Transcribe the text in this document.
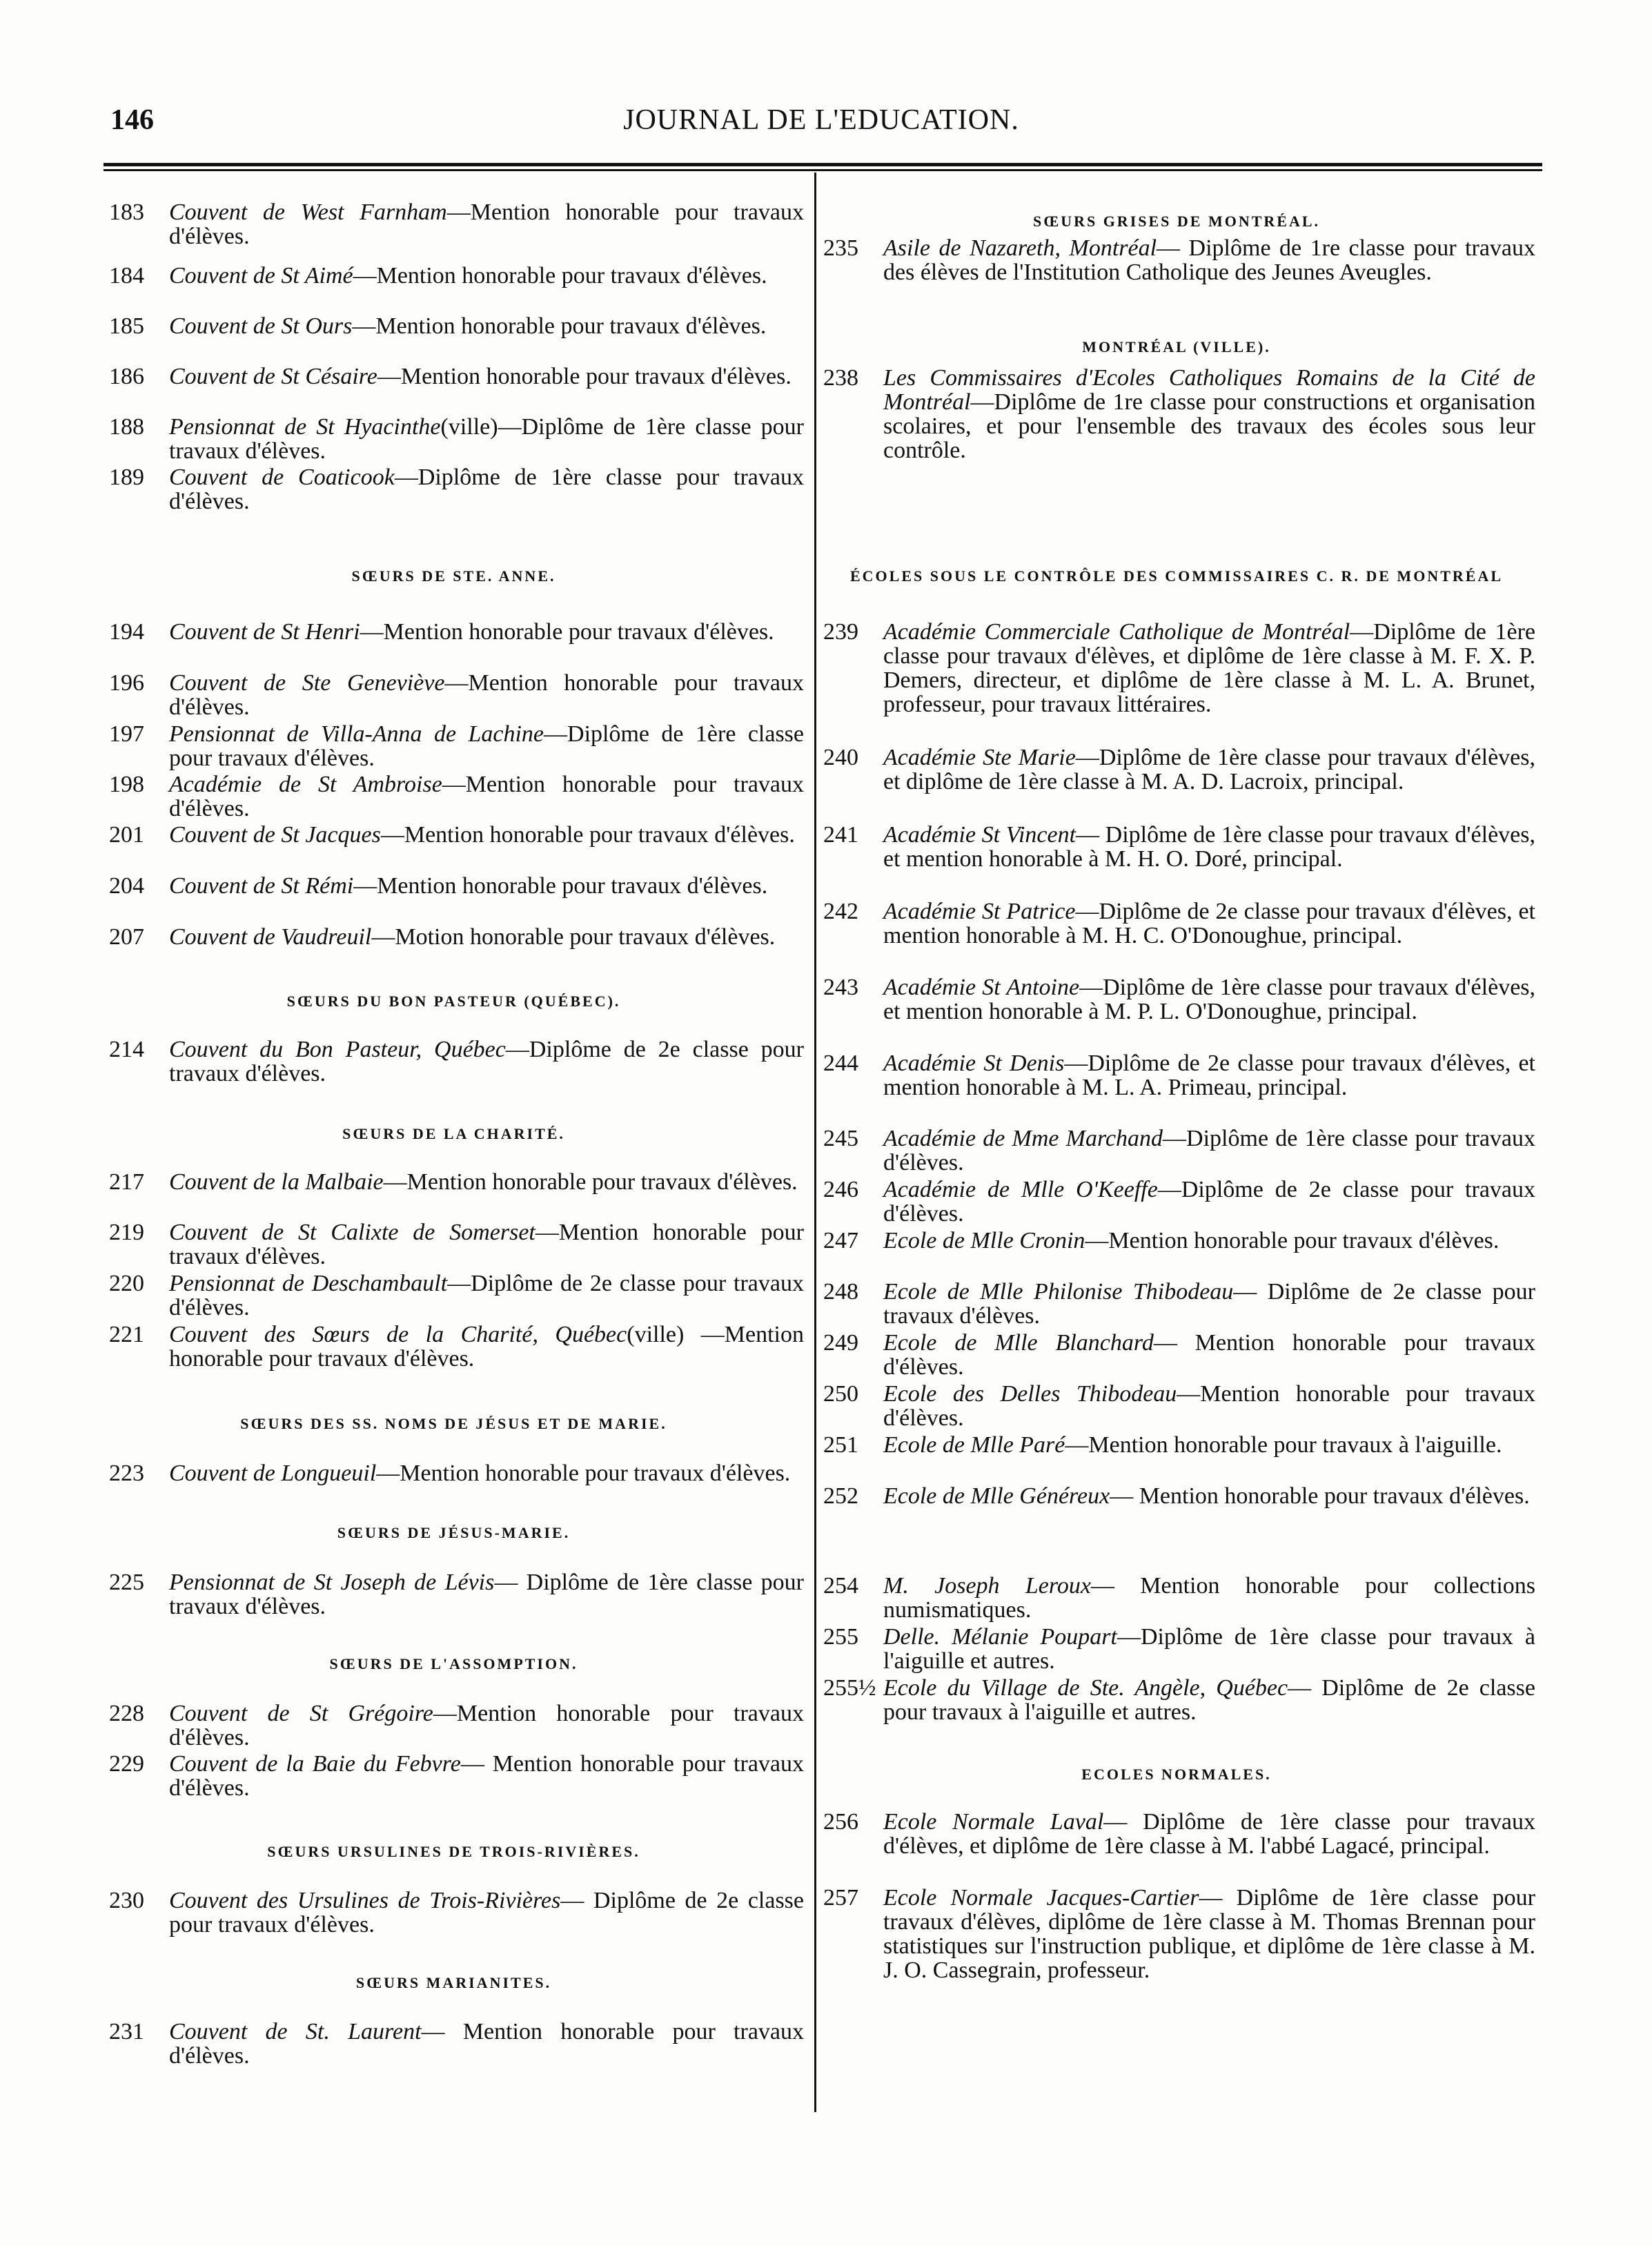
146	JOURNAL DE L'EDUCATION.
183	Couvent de West Farnham—Mention honorable pour travaux d'élèves.
184	Couvent de St Aimé—Mention honorable pour travaux d'élèves.
185	Couvent de St Ours—Mention honorable pour travaux d'élèves.
186	Couvent de St Césaire—Mention honorable pour travaux d'élèves.
188	Pensionnat de St Hyacinthe(ville)—Diplôme de 1ère classe pour travaux d'élèves.
189	Couvent de Coaticook—Diplôme de 1ère classe pour travaux d'élèves.
SŒURS DE STE. ANNE.
194	Couvent de St Henri—Mention honorable pour travaux d'élèves.
196	Couvent de Ste Geneviève—Mention honorable pour travaux d'élèves.
197	Pensionnat de Villa-Anna de Lachine—Diplôme de 1ère classe pour travaux d'élèves.
198	Académie de St Ambroise—Mention honorable pour travaux d'élèves.
201	Couvent de St Jacques—Mention honorable pour travaux d'élèves.
204	Couvent de St Rémi—Mention honorable pour travaux d'élèves.
207	Couvent de Vaudreuil—Motion honorable pour travaux d'élèves.
SŒURS DU BON PASTEUR (QUÉBEC).
214	Couvent du Bon Pasteur, Québec—Diplôme de 2e classe pour travaux d'élèves.
SŒURS DE LA CHARITÉ.
217	Couvent de la Malbaie—Mention honorable pour travaux d'élèves.
219	Couvent de St Calixte de Somerset—Mention honorable pour travaux d'élèves.
220	Pensionnat de Deschambault—Diplôme de 2e classe pour travaux d'élèves.
221	Couvent des Sœurs de la Charité, Québec(ville) —Mention honorable pour travaux d'élèves.
SŒURS DES SS. NOMS DE JÉSUS ET DE MARIE.
223	Couvent de Longueuil—Mention honorable pour travaux d'élèves.
SŒURS DE JÉSUS-MARIE.
225	Pensionnat de St Joseph de Lévis— Diplôme de 1ère classe pour travaux d'élèves.
SŒURS DE L'ASSOMPTION.
228	Couvent de St Grégoire—Mention honorable pour travaux d'élèves.
229	Couvent de la Baie du Febvre— Mention honorable pour travaux d'élèves.
SŒURS URSULINES DE TROIS-RIVIÈRES.
230	Couvent des Ursulines de Trois-Rivières— Diplôme de 2e classe pour travaux d'élèves.
SŒURS MARIANITES.
231	Couvent de St. Laurent— Mention honorable pour travaux d'élèves.
SŒURS GRISES DE MONTRÉAL.
235	Asile de Nazareth, Montréal— Diplôme de 1re classe pour travaux des élèves de l'Institution Catholique des Jeunes Aveugles.
MONTRÉAL (VILLE).
238	Les Commissaires d'Ecoles Catholiques Romains de la Cité de Montréal—Diplôme de 1re classe pour constructions et organisation scolaires, et pour l'ensemble des travaux des écoles sous leur contrôle.
ÉCOLES SOUS LE CONTRÔLE DES COMMISSAIRES C. R. DE MONTRÉAL
239	Académie Commerciale Catholique de Montréal—Diplôme de 1ère classe pour travaux d'élèves, et diplôme de 1ère classe à M. F. X. P. Demers, directeur, et diplôme de 1ère classe à M. L. A. Brunet, professeur, pour travaux littéraires.
240	Académie Ste Marie—Diplôme de 1ère classe pour travaux d'élèves, et diplôme de 1ère classe à M. A. D. Lacroix, principal.
241	Académie St Vincent— Diplôme de 1ère classe pour travaux d'élèves, et mention honorable à M. H. O. Doré, principal.
242	Académie St Patrice—Diplôme de 2e classe pour travaux d'élèves, et mention honorable à M. H. C. O'Donoughue, principal.
243	Académie St Antoine—Diplôme de 1ère classe pour travaux d'élèves, et mention honorable à M. P. L. O'Donoughue, principal.
244	Académie St Denis—Diplôme de 2e classe pour travaux d'élèves, et mention honorable à M. L. A. Primeau, principal.
245	Académie de Mme Marchand—Diplôme de 1ère classe pour travaux d'élèves.
246	Académie de Mlle O'Keeffe—Diplôme de 2e classe pour travaux d'élèves.
247	Ecole de Mlle Cronin—Mention honorable pour travaux d'élèves.
248	Ecole de Mlle Philonise Thibodeau— Diplôme de 2e classe pour travaux d'élèves.
249	Ecole de Mlle Blanchard— Mention honorable pour travaux d'élèves.
250	Ecole des Delles Thibodeau—Mention honorable pour travaux d'élèves.
251	Ecole de Mlle Paré—Mention honorable pour travaux à l'aiguille.
252	Ecole de Mlle Généreux— Mention honorable pour travaux d'élèves.
254	M. Joseph Leroux— Mention honorable pour collections numismatiques.
255	Delle. Mélanie Poupart—Diplôme de 1ère classe pour travaux à l'aiguille et autres.
255½ Ecole du Village de Ste. Angèle, Québec— Diplôme de 2e classe pour travaux à l'aiguille et autres.
ECOLES NORMALES.
256	Ecole Normale Laval— Diplôme de 1ère classe pour travaux d'élèves, et diplôme de 1ère classe à M. l'abbé Lagacé, principal.
257	Ecole Normale Jacques-Cartier— Diplôme de 1ère classe pour travaux d'élèves, diplôme de 1ère classe à M. Thomas Brennan pour statistiques sur l'instruction publique, et diplôme de 1ère classe à M. J. O. Cassegrain, professeur.
